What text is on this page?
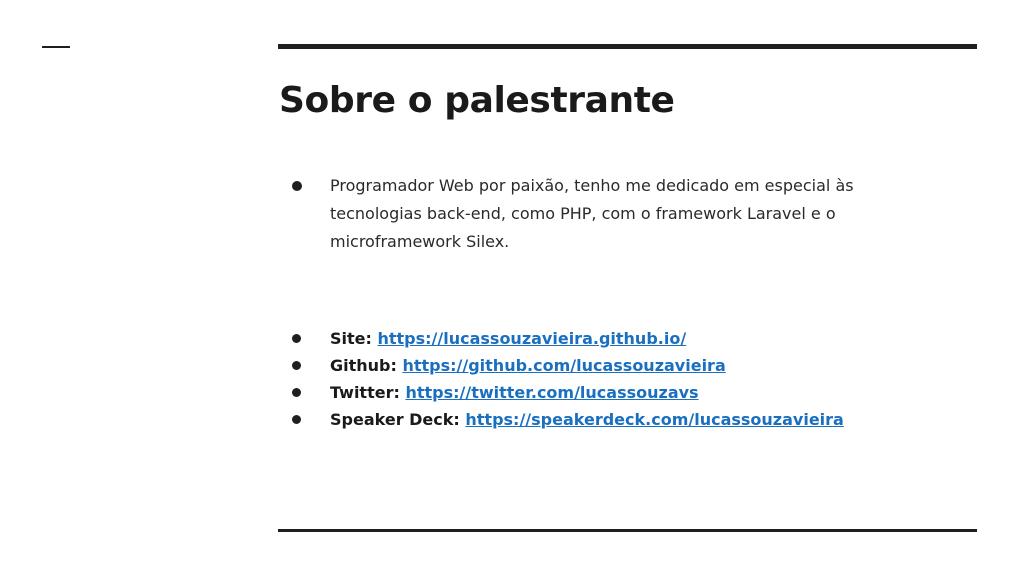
Sobre o palestrante
Programador Web por paixão, tenho me dedicado em especial às tecnologias back-end, como PHP, com o framework Laravel e o microframework Silex.
Site: https://lucassouzavieira.github.io/
Github: https://github.com/lucassouzavieira
Twitter: https://twitter.com/lucassouzavs
Speaker Deck: https://speakerdeck.com/lucassouzavieira
